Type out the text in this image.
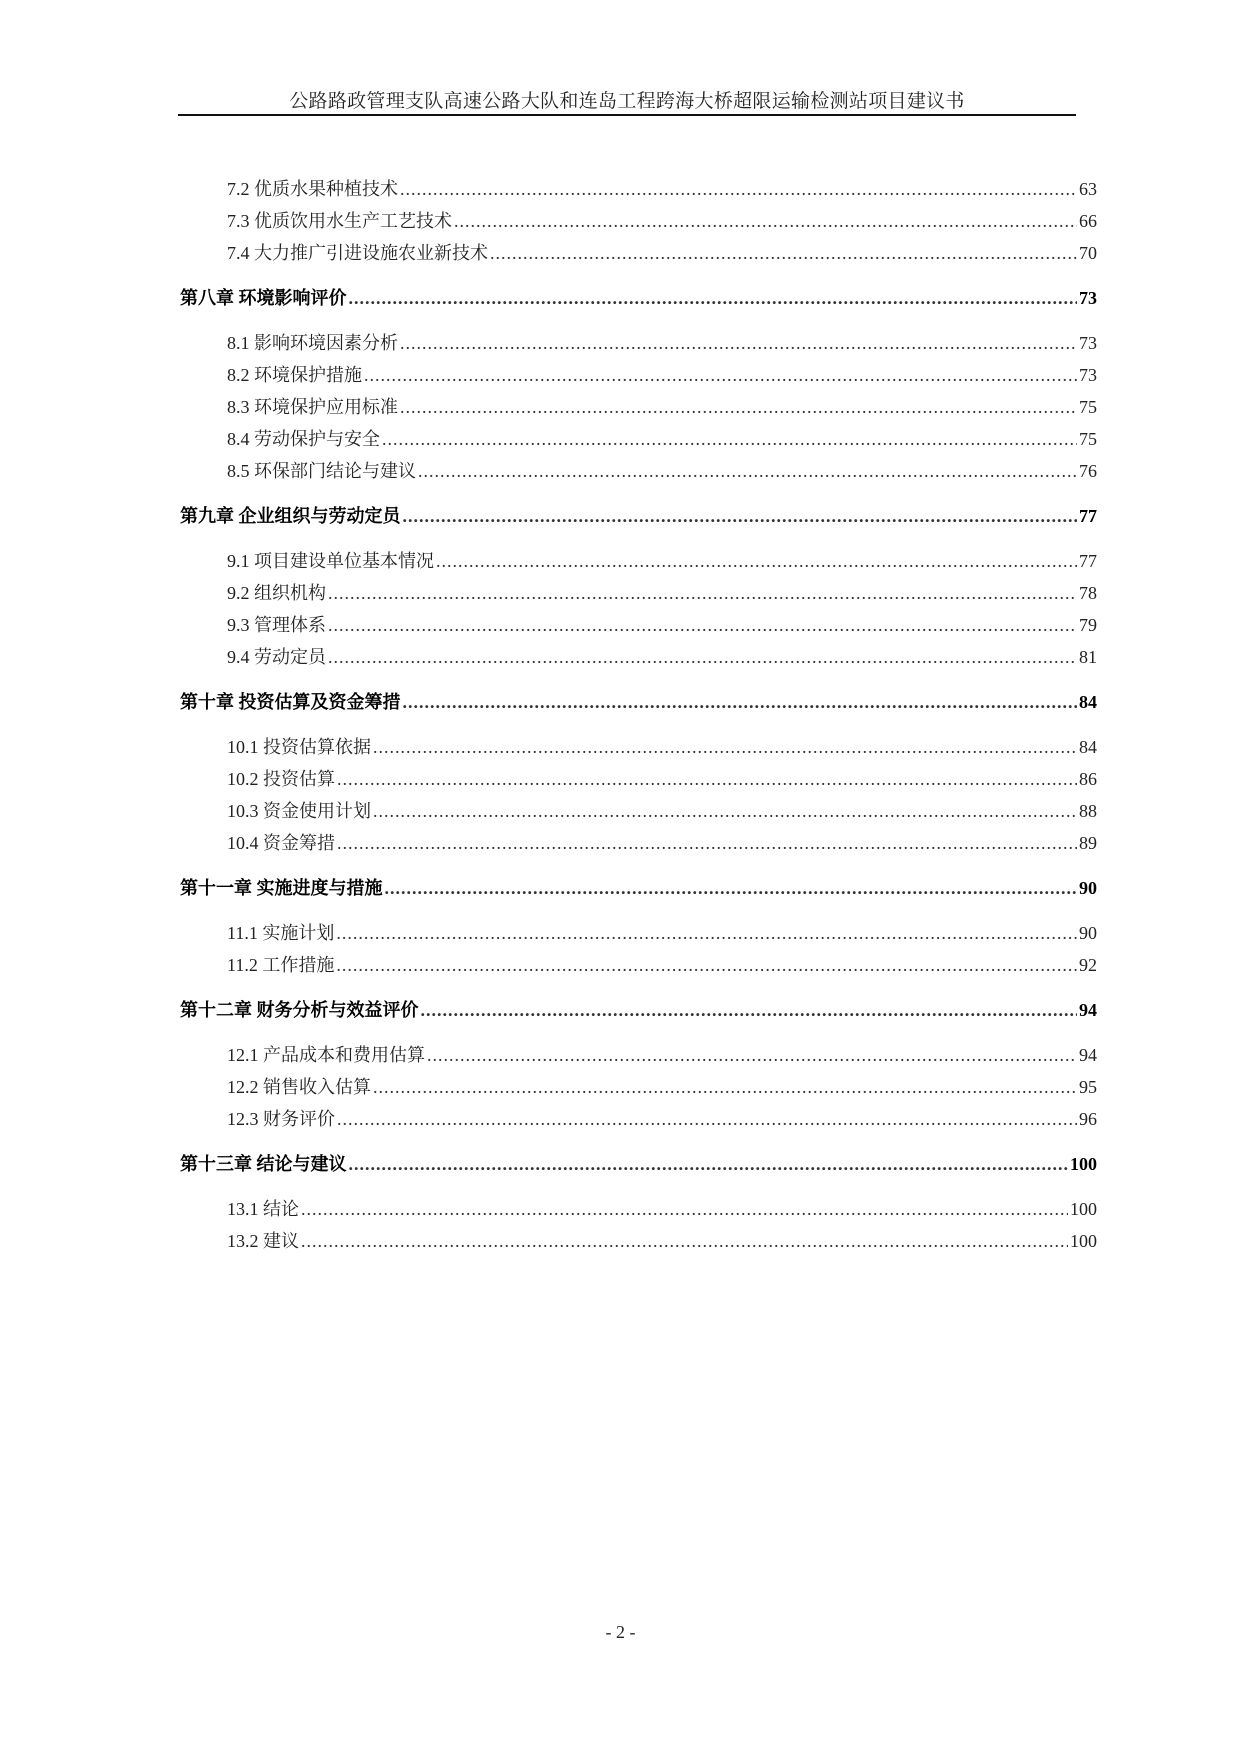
公路路政管理支队高速公路大队和连岛工程跨海大桥超限运输检测站项目建议书
7.2 优质水果种植技术 .....	63
7.3 优质饮用水生产工艺技术 .....	66
7.4 大力推广引进设施农业新技术 .....	70
第八章 环境影响评价 .....	73
8.1 影响环境因素分析 .....	73
8.2 环境保护措施 .....	73
8.3 环境保护应用标准 .....	75
8.4 劳动保护与安全 .....	75
8.5 环保部门结论与建议 .....	76
第九章 企业组织与劳动定员 .....	77
9.1 项目建设单位基本情况 .....	77
9.2 组织机构 .....	78
9.3 管理体系 .....	79
9.4 劳动定员 .....	81
第十章 投资估算及资金筹措 .....	84
10.1 投资估算依据 .....	84
10.2 投资估算 .....	86
10.3 资金使用计划 .....	88
10.4 资金筹措 .....	89
第十一章 实施进度与措施 .....	90
11.1 实施计划 .....	90
11.2 工作措施 .....	92
第十二章 财务分析与效益评价 .....	94
12.1 产品成本和费用估算 .....	94
12.2 销售收入估算 .....	95
12.3 财务评价 .....	96
第十三章 结论与建议 .....	100
13.1 结论 .....	100
13.2 建议 .....	100
- 2 -
